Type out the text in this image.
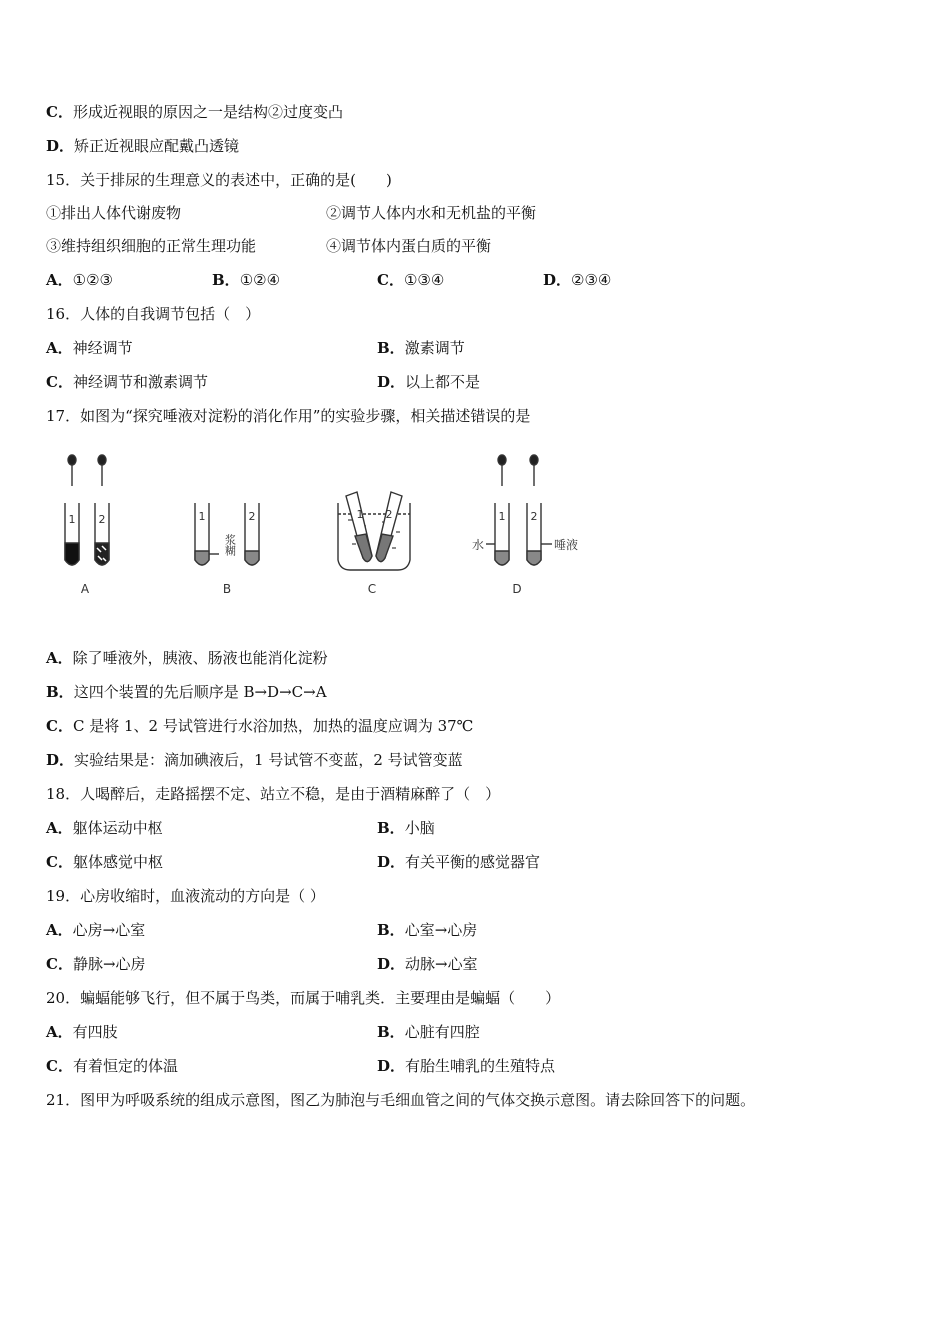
C．形成近视眼的原因之一是结构②过度变凸
D．矫正近视眼应配戴凸透镜
15．关于排尿的生理意义的表述中，正确的是(　　)
①排出人体代谢废物	②调节人体内水和无机盐的平衡
③维持组织细胞的正常生理功能	④调节体内蛋白质的平衡
A．①②③	B．①②④	C．①③④	D．②③④
16．人体的自我调节包括（　）
A．神经调节	B．激素调节
C．神经调节和激素调节	D．以上都不是
17．如图为“探究唾液对淀粉的消化作用”的实验步骤，相关描述错误的是
1 2
A
1	2
浆糊
B
1 2
C
1 2
水	唾液
D
A．除了唾液外，胰液、肠液也能消化淀粉
B．这四个装置的先后顺序是 B→D→C→A
C．C 是将 1、2 号试管进行水浴加热，加热的温度应调为 37℃
D．实验结果是：滴加碘液后，1 号试管不变蓝，2 号试管变蓝
18．人喝醉后，走路摇摆不定、站立不稳，是由于酒精麻醉了（　）
A．躯体运动中枢	B．小脑
C．躯体感觉中枢	D．有关平衡的感觉器官
19．心房收缩时，血液流动的方向是（ ）
A．心房→心室	B．心室→心房
C．静脉→心房	D．动脉→心室
20．蝙蝠能够飞行，但不属于鸟类，而属于哺乳类．主要理由是蝙蝠（　　）
A．有四肢	B．心脏有四腔
C．有着恒定的体温	D．有胎生哺乳的生殖特点
21．图甲为呼吸系统的组成示意图，图乙为肺泡与毛细血管之间的气体交换示意图。请去除回答下的问题。
